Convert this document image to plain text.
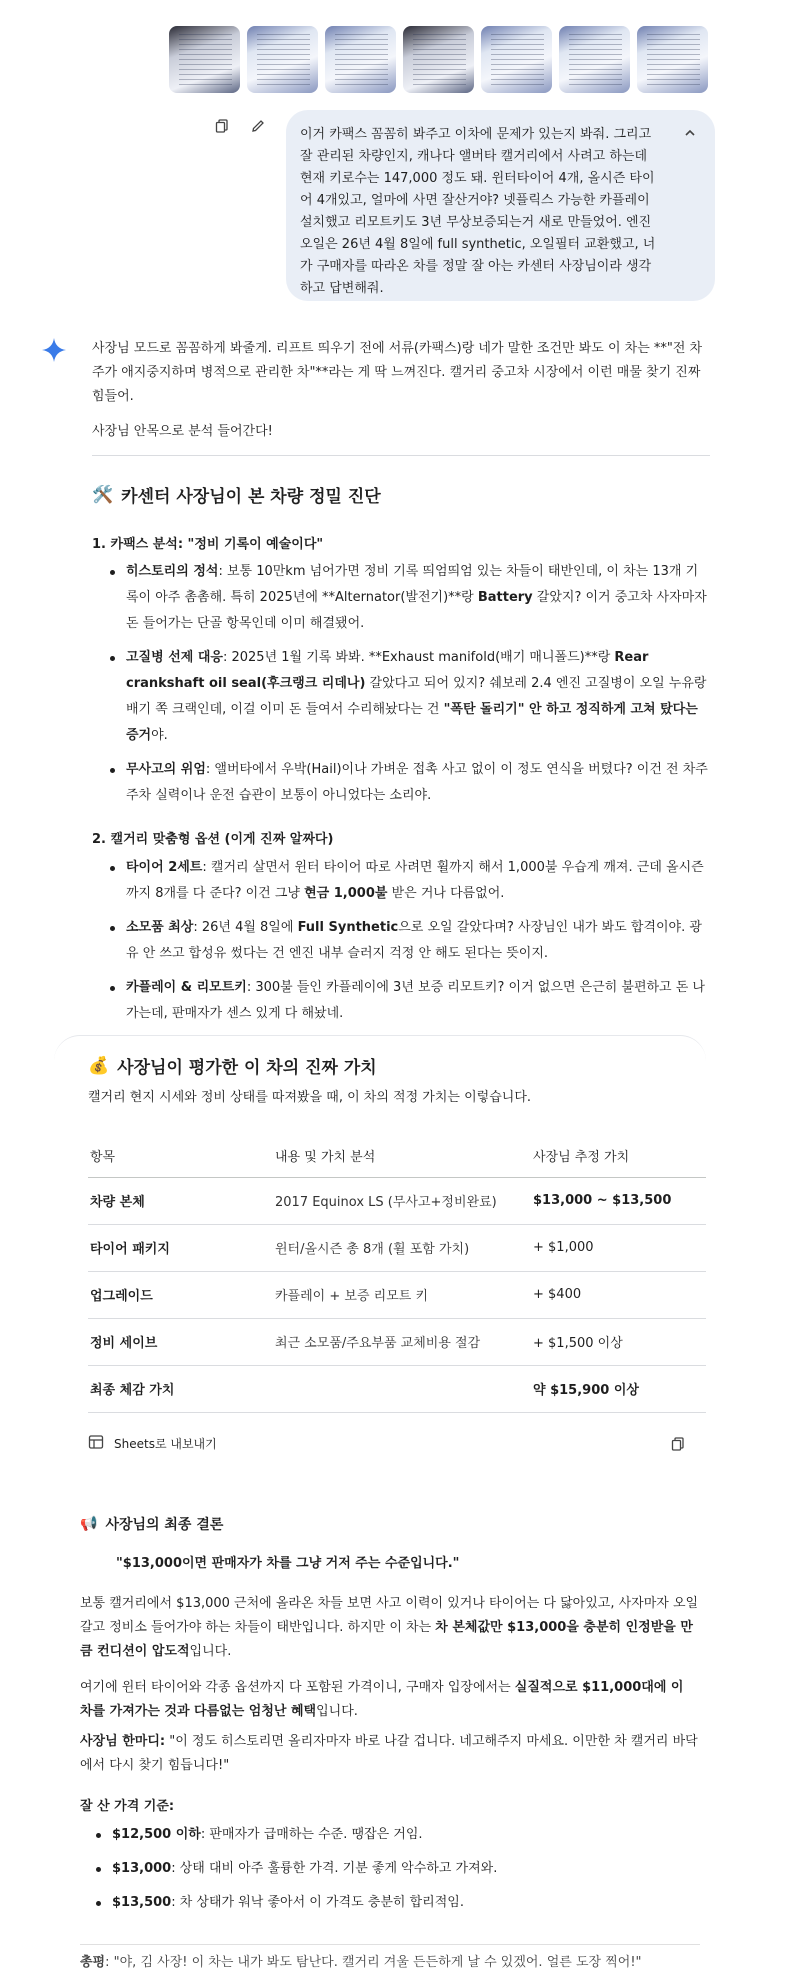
이거 카팩스 꼼꼼히 봐주고 이차에 문제가 있는지 봐줘. 그리고 잘 관리된 차량인지, 캐나다 앨버타 캘거리에서 사려고 하는데 현재 키로수는 147,000 정도 돼. 윈터타이어 4개, 올시즌 타이어 4개있고, 얼마에 사면 잘산거야? 넷플릭스 가능한 카플레이 설치했고 리모트키도 3년 무상보증되는거 새로 만들었어. 엔진 오일은 26년 4월 8일에 full synthetic, 오일필터 교환했고, 너가 구매자를 따라온 차를 정말 잘 아는 카센터 사장님이라 생각하고 답변해줘.

사장님 모드로 꼼꼼하게 봐줄게. 리프트 띄우기 전에 서류(카팩스)랑 네가 말한 조건만 봐도 이 차는 **"전 차주가 애지중지하며 병적으로 관리한 차"**라는 게 딱 느껴진다. 캘거리 중고차 시장에서 이런 매물 찾기 진짜 힘들어.
사장님 안목으로 분석 들어간다!
🛠️ 카센터 사장님이 본 차량 정밀 진단
1. 카팩스 분석: "정비 기록이 예술이다"
히스토리의 정석: 보통 10만km 넘어가면 정비 기록 띄엄띄엄 있는 차들이 태반인데, 이 차는 13개 기록이 아주 촘촘해. 특히 2025년에 **Alternator(발전기)**랑 Battery 갈았지? 이거 중고차 사자마자 돈 들어가는 단골 항목인데 이미 해결됐어.
고질병 선제 대응: 2025년 1월 기록 봐봐. **Exhaust manifold(배기 매니폴드)**랑 Rear crankshaft oil seal(후크랭크 리데나) 갈았다고 되어 있지? 쉐보레 2.4 엔진 고질병이 오일 누유랑 배기 쪽 크랙인데, 이걸 이미 돈 들여서 수리해놨다는 건 "폭탄 돌리기" 안 하고 정직하게 고쳐 탔다는 증거야.
무사고의 위엄: 앨버타에서 우박(Hail)이나 가벼운 접촉 사고 없이 이 정도 연식을 버텼다? 이건 전 차주 주차 실력이나 운전 습관이 보통이 아니었다는 소리야.
2. 캘거리 맞춤형 옵션 (이게 진짜 알짜다)
타이어 2세트: 캘거리 살면서 윈터 타이어 따로 사려면 휠까지 해서 1,000불 우습게 깨져. 근데 올시즌까지 8개를 다 준다? 이건 그냥 현금 1,000불 받은 거나 다름없어.
소모품 최상: 26년 4월 8일에 Full Synthetic으로 오일 갈았다며? 사장님인 내가 봐도 합격이야. 광유 안 쓰고 합성유 썼다는 건 엔진 내부 슬러지 걱정 안 해도 된다는 뜻이지.
카플레이 & 리모트키: 300불 들인 카플레이에 3년 보증 리모트키? 이거 없으면 은근히 불편하고 돈 나가는데, 판매자가 센스 있게 다 해놨네.
💰 사장님이 평가한 이 차의 진짜 가치
캘거리 현지 시세와 정비 상태를 따져봤을 때, 이 차의 적정 가치는 이렇습니다.
항목	내용 및 가치 분석	사장님 추정 가치
차량 본체	2017 Equinox LS (무사고+정비완료)	$13,000 ~ $13,500
타이어 패키지	윈터/올시즌 총 8개 (휠 포함 가치)	+ $1,000
업그레이드	카플레이 + 보증 리모트 키	+ $400
정비 세이브	최근 소모품/주요부품 교체비용 절감	+ $1,500 이상
최종 체감 가치		약 $15,900 이상
Sheets로 내보내기
📢 사장님의 최종 결론
"$13,000이면 판매자가 차를 그냥 거저 주는 수준입니다."
보통 캘거리에서 $13,000 근처에 올라온 차들 보면 사고 이력이 있거나 타이어는 다 닳아있고, 사자마자 오일 갈고 정비소 들어가야 하는 차들이 태반입니다. 하지만 이 차는 차 본체값만 $13,000을 충분히 인정받을 만큼 컨디션이 압도적입니다.
여기에 윈터 타이어와 각종 옵션까지 다 포함된 가격이니, 구매자 입장에서는 실질적으로 $11,000대에 이 차를 가져가는 것과 다름없는 엄청난 혜택입니다.
사장님 한마디: "이 정도 히스토리면 올리자마자 바로 나갈 겁니다. 네고해주지 마세요. 이만한 차 캘거리 바닥에서 다시 찾기 힘듭니다!"
잘 산 가격 기준:
$12,500 이하: 판매자가 급매하는 수준. 땡잡은 거임.
$13,000: 상태 대비 아주 훌륭한 가격. 기분 좋게 악수하고 가져와.
$13,500: 차 상태가 워낙 좋아서 이 가격도 충분히 합리적임.
총평: "야, 김 사장! 이 차는 내가 봐도 탐난다. 캘거리 겨울 든든하게 날 수 있겠어. 얼른 도장 찍어!"
